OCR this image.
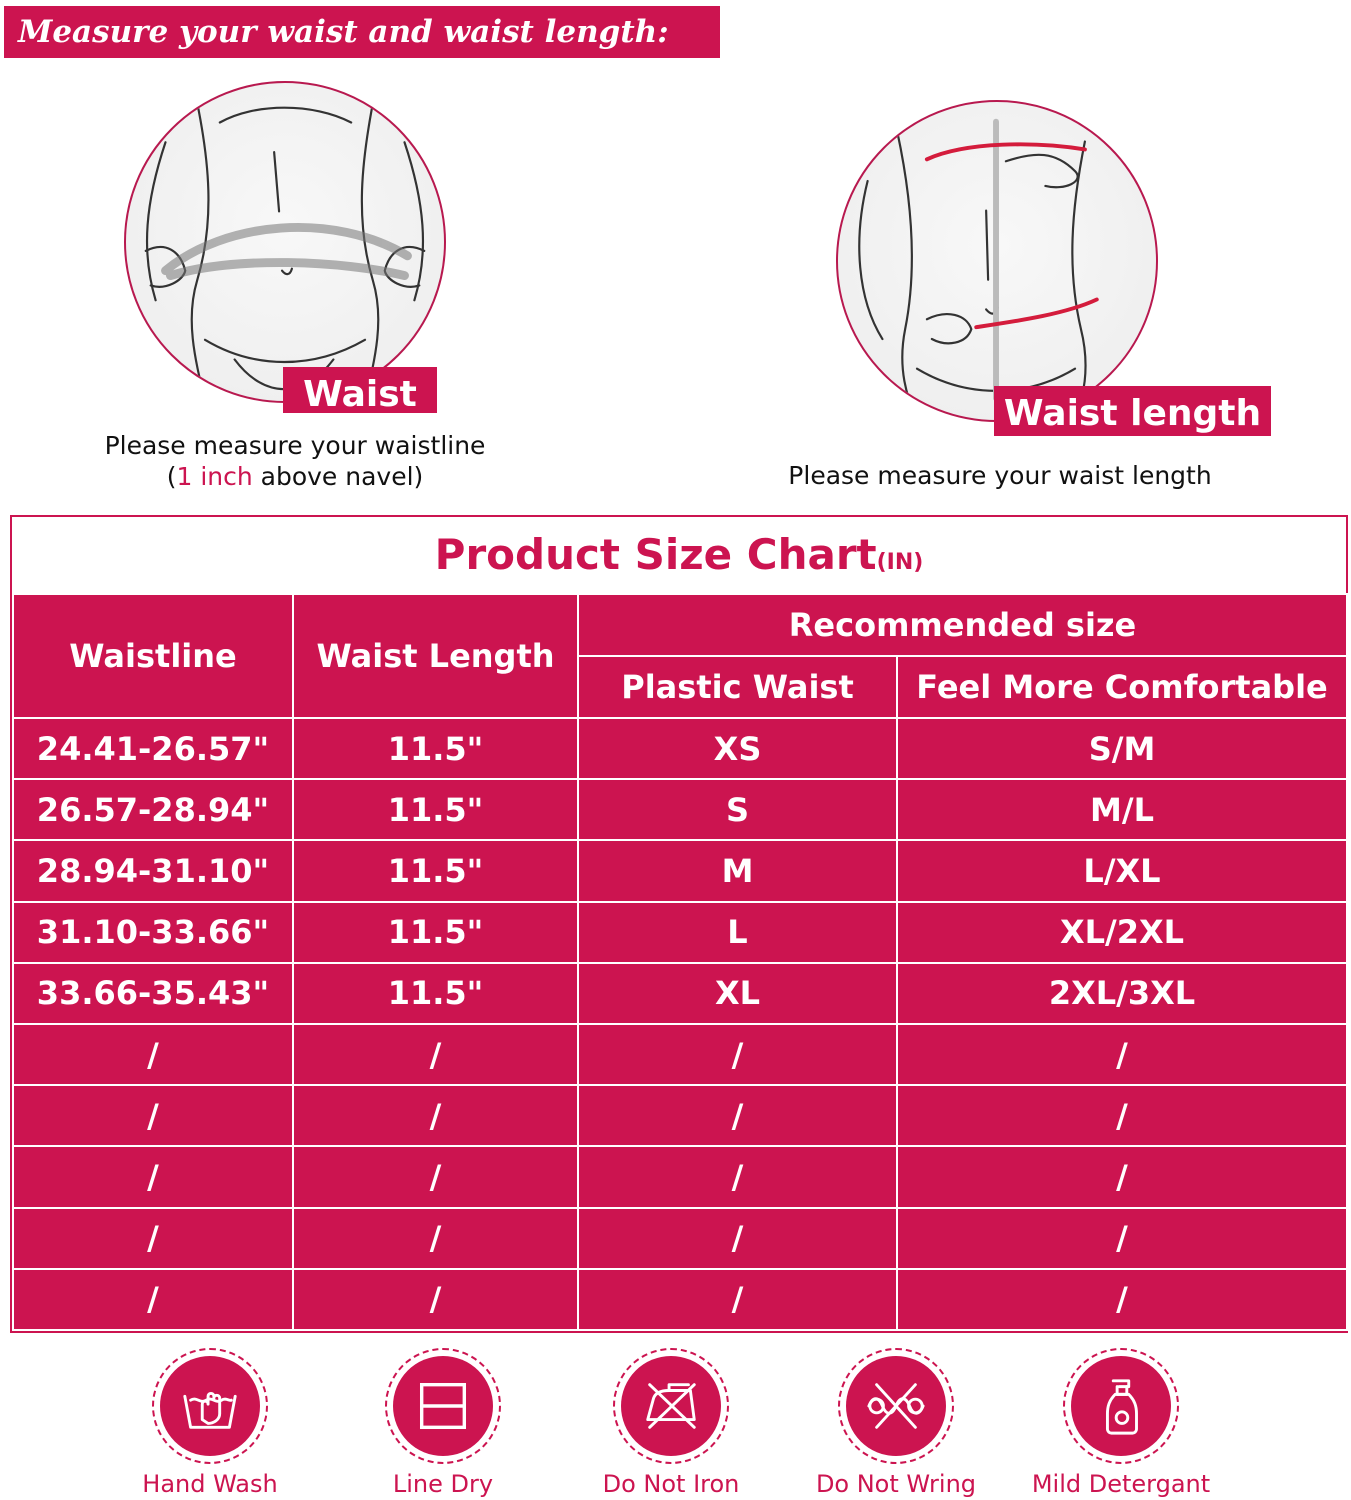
Measure your waist and waist length:
Waist
Please measure your waistline
(1 inch above navel)
Waist length
Please measure your waist length
Product Size Chart(IN)
Waistline	Waist Length	Recommended size	
		Plastic Waist	Feel More Comfortable
24.41-26.57"	11.5"	XS	S/M
26.57-28.94"	11.5"	S	M/L
28.94-31.10"	11.5"	M	L/XL
31.10-33.66"	11.5"	L	XL/2XL
33.66-35.43"	11.5"	XL	2XL/3XL
/	/	/	/
/	/	/	/
/	/	/	/
/	/	/	/
/	/	/	/
Hand Wash	Line Dry	Do Not Iron	Do Not Wring	Mild Detergant
